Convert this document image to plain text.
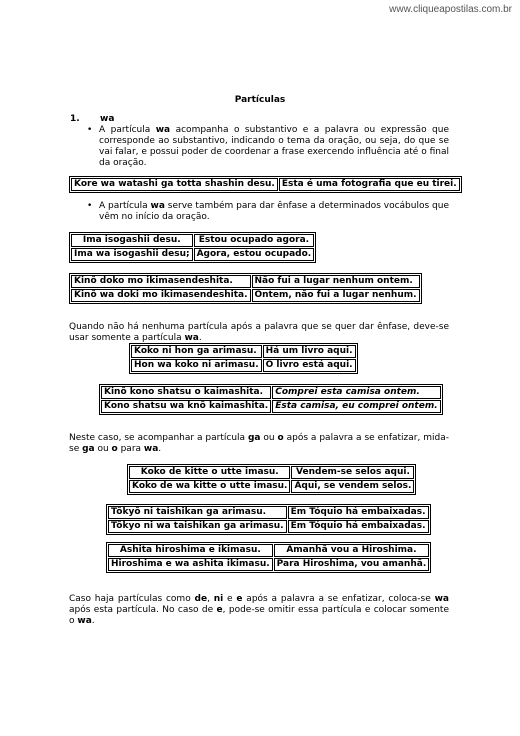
www.cliqueapostilas.com.br
Partículas
1. wa
• A partícula wa acompanha o substantivo e a palavra ou expressão que corresponde ao substantivo, indicando o tema da oração, ou seja, do que se vai falar, e possui poder de coordenar a frase exercendo influência até o final da oração.
Kore wa watashi ga totta shashin desu.	Esta é uma fotografia que eu tirei.
• A partícula wa serve também para dar ênfase a determinados vocábulos que vêm no início da oração.
Ima isogashii desu.	Estou ocupado agora.
Ima wa isogashii desu;	Agora, estou ocupado.
Kinõ doko mo ikimasendeshita.	Não fui a lugar nenhum ontem.
Kinõ wa doki mo ikimasendeshita.	Ontem, não fui a lugar nenhum.
Quando não há nenhuma partícula após a palavra que se quer dar ênfase, deve-se usar somente a partícula wa.
Koko ni hon ga arimasu.	Há um livro aqui.
Hon wa koko ni arimasu.	O livro está aqui.
Kinõ kono shatsu o kaimashita.	Comprei esta camisa ontem.
Kono shatsu wa knõ kaimashita.	Esta camisa, eu comprei ontem.
Neste caso, se acompanhar a partícula ga ou o após a palavra a se enfatizar, mida-se ga ou o para wa.
Koko de kitte o utte imasu.	Vendem-se selos aqui.
Koko de wa kitte o utte imasu.	Aqui, se vendem selos.
Tõkyõ ni taishikan ga arimasu.	Em Tóquio há embaixadas.
Tõkyo ni wa taishikan ga arimasu.	Em Tóquio há embaixadas.
Ashita hiroshima e ikimasu.	Amanhã vou a Hiroshima.
Hiroshima e wa ashita ikimasu.	Para Hiroshima, vou amanhã.
Caso haja partículas como de, ni e e após a palavra a se enfatizar, coloca-se wa após esta partícula. No caso de e, pode-se omitir essa partícula e colocar somente o wa.
